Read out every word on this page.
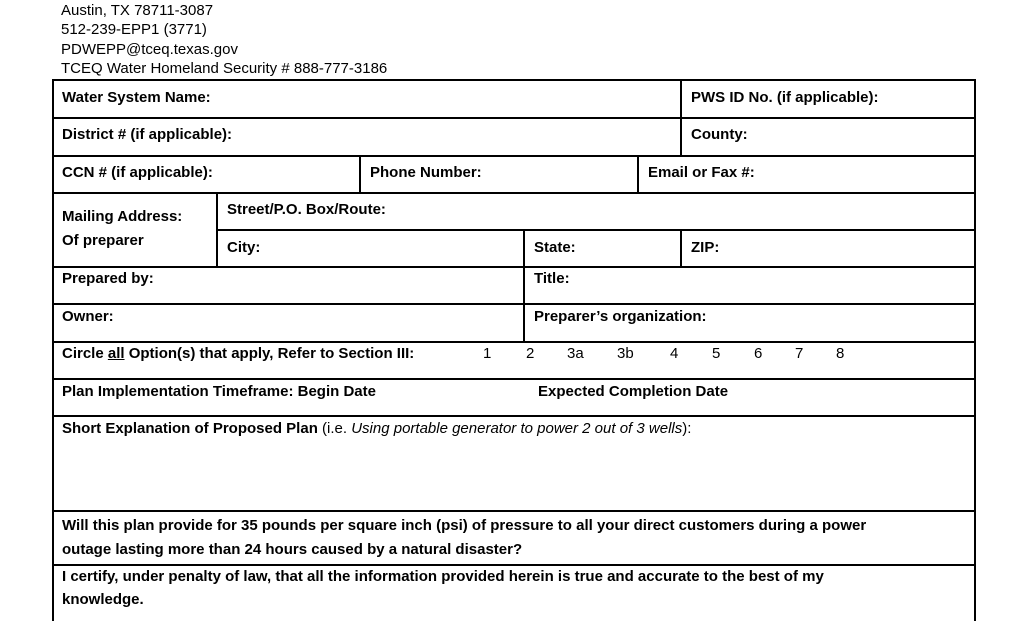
Austin, TX 78711-3087
512-239-EPP1 (3771)
PDWEPP@tceq.texas.gov
TCEQ Water Homeland Security # 888-777-3186
Water System Name:	PWS ID No. (if applicable):
District # (if applicable):	County:
CCN # (if applicable):	Phone Number:	Email or Fax #:
Mailing Address:
Of preparer
Street/P.O. Box/Route:
City:	State:	ZIP:
Prepared by:	Title:
Owner:	Preparer’s organization:
Circle all Option(s) that apply, Refer to Section III:	1 2 3a 3b 4 5 6 7 8
Plan Implementation Timeframe: Begin Date	Expected Completion Date
Short Explanation of Proposed Plan (i.e. Using portable generator to power 2 out of 3 wells):
Will this plan provide for 35 pounds per square inch (psi) of pressure to all your direct customers during a power
outage lasting more than 24 hours caused by a natural disaster?
I certify, under penalty of law, that all the information provided herein is true and accurate to the best of my
knowledge.
